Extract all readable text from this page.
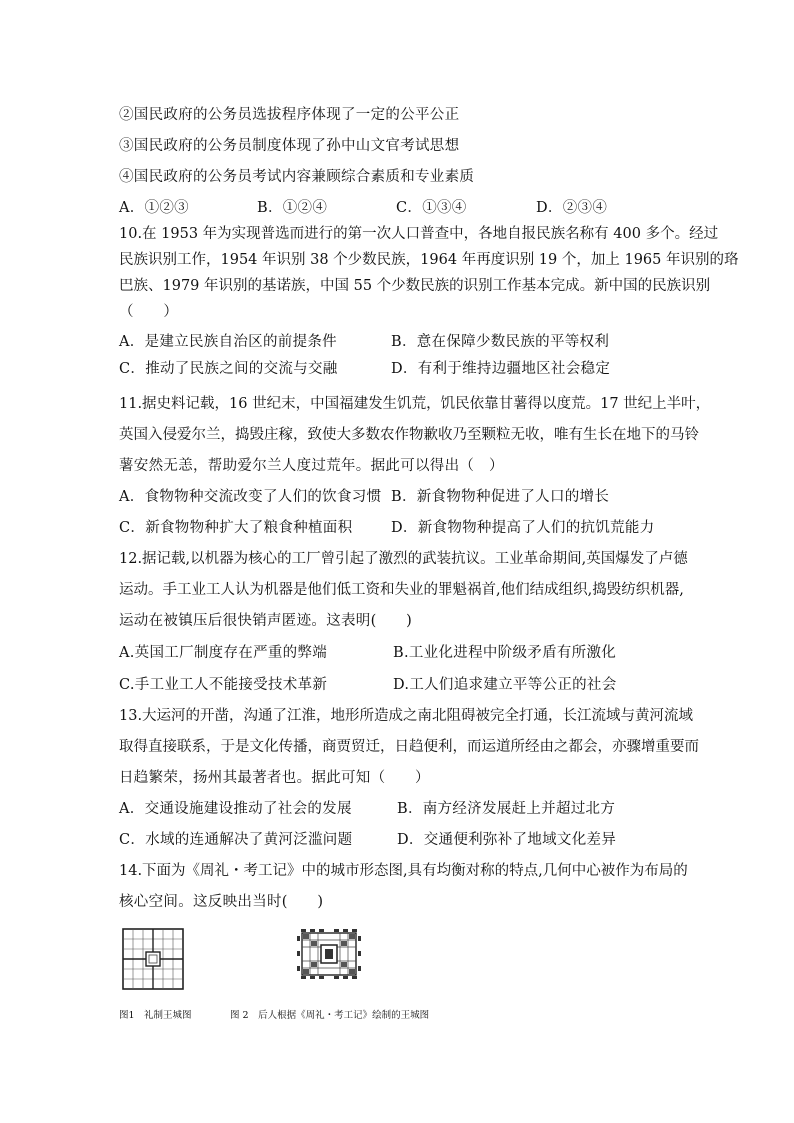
②国民政府的公务员选拔程序体现了一定的公平公正
③国民政府的公务员制度体现了孙中山文官考试思想
④国民政府的公务员考试内容兼顾综合素质和专业素质
A．①②③	B．①②④	C．①③④	D．②③④
10.在 1953 年为实现普选而进行的第一次人口普查中，各地自报民族名称有 400 多个。经过
民族识别工作，1954 年识别 38 个少数民族，1964 年再度识别 19 个，加上 1965 年识别的珞
巴族、1979 年识别的基诺族，中国 55 个少数民族的识别工作基本完成。新中国的民族识别
（　　）
A．是建立民族自治区的前提条件	B．意在保障少数民族的平等权利
C．推动了民族之间的交流与交融	D．有利于维持边疆地区社会稳定
11.据史料记载，16 世纪末，中国福建发生饥荒，饥民依靠甘薯得以度荒。17 世纪上半叶，
英国入侵爱尔兰，捣毁庄稼，致使大多数农作物歉收乃至颗粒无收，唯有生长在地下的马铃
薯安然无恙，帮助爱尔兰人度过荒年。据此可以得出（　）
A．食物物种交流改变了人们的饮食习惯 B．新食物物种促进了人口的增长
C．新食物物种扩大了粮食种植面积	D．新食物物种提高了人们的抗饥荒能力
12.据记载,以机器为核心的工厂曾引起了激烈的武装抗议。工业革命期间,英国爆发了卢德
运动。手工业工人认为机器是他们低工资和失业的罪魁祸首,他们结成组织,捣毁纺织机器,
运动在被镇压后很快销声匿迹。这表明(　　)
A.英国工厂制度存在严重的弊端	B.工业化进程中阶级矛盾有所激化
C.手工业工人不能接受技术革新	D.工人们追求建立平等公正的社会
13.大运河的开凿，沟通了江淮，地形所造成之南北阻碍被完全打通，长江流域与黄河流域
取得直接联系，于是文化传播，商贾贸迁，日趋便利，而运道所经由之都会，亦骤增重要而
日趋繁荣，扬州其最著者也。据此可知（　　）
A．交通设施建设推动了社会的发展	B．南方经济发展赶上并超过北方
C．水域的连通解决了黄河泛滥问题	D．交通便利弥补了地域文化差异
14.下面为《周礼・考工记》中的城市形态图,具有均衡对称的特点,几何中心被作为布局的
核心空间。这反映出当时(　　)
图1　礼制王城图	图 2　后人根据《周礼・考工记》绘制的王城图
